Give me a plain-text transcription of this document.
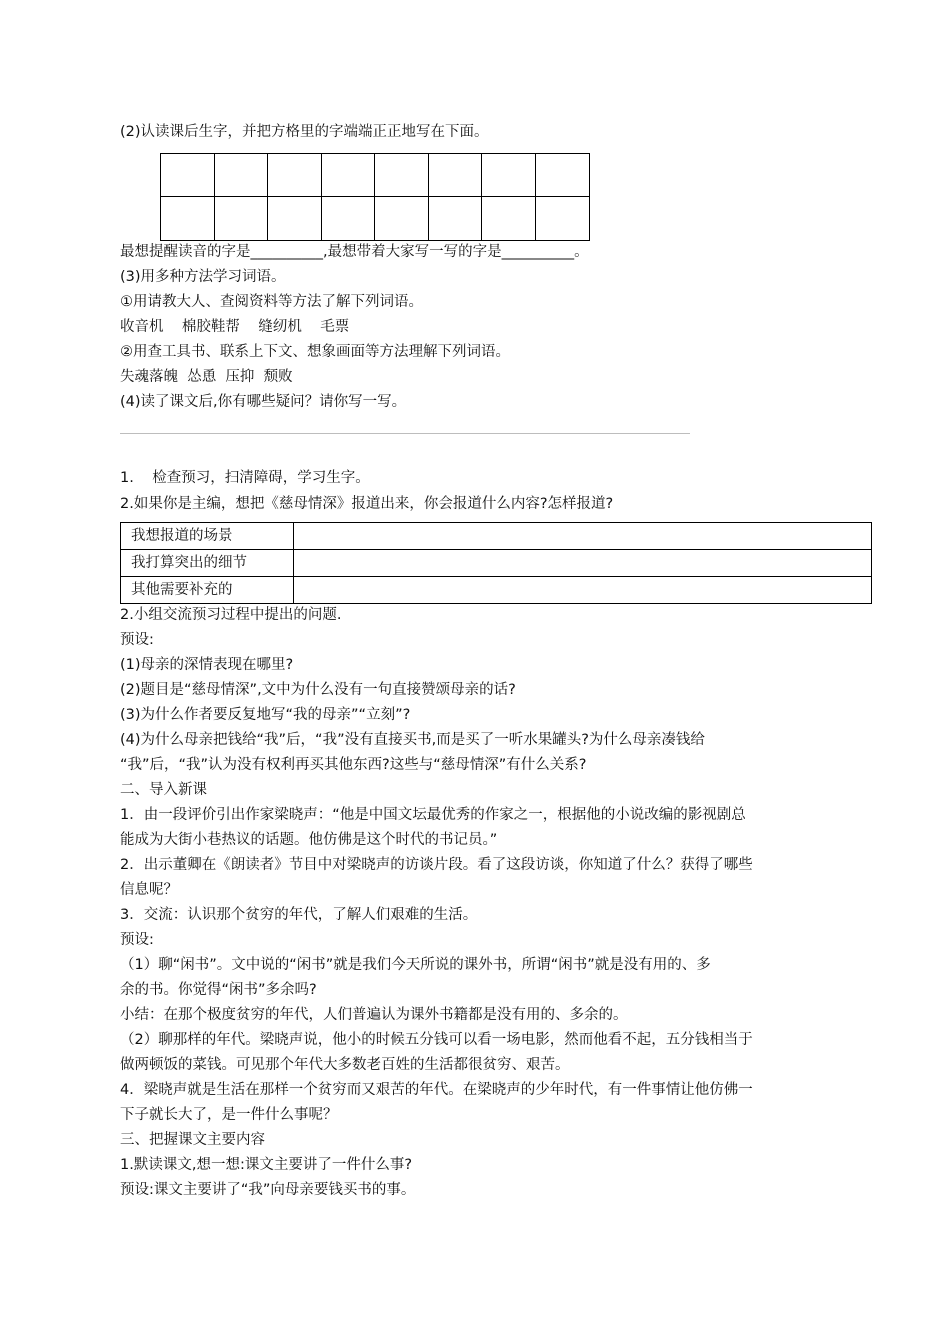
(2)认读课后生字，并把方格里的字端端正正地写在下面。
最想提醒读音的字是__________,最想带着大家写一写的字是__________。
(3)用多种方法学习词语。
①用请教大人、查阅资料等方法了解下列词语。
收音机    棉胶鞋帮    缝纫机    毛票
②用查工具书、联系上下文、想象画面等方法理解下列词语。
失魂落魄  怂恿  压抑  颓败
(4)读了课文后,你有哪些疑问？请你写一写。
1.    检查预习，扫清障碍，学习生字。
2.如果你是主编，想把《慈母情深》报道出来，你会报道什么内容?怎样报道?
我想报道的场景	
我打算突出的细节	
其他需要补充的	
2.小组交流预习过程中提出的问题.
预设:
(1)母亲的深情表现在哪里?
(2)题目是“慈母情深”,文中为什么没有一句直接赞颂母亲的话?
(3)为什么作者要反复地写“我的母亲”“立刻”?
(4)为什么母亲把钱给“我”后，“我”没有直接买书,而是买了一听水果罐头?为什么母亲凑钱给
“我”后，“我”认为没有权利再买其他东西?这些与“慈母情深”有什么关系?
二、导入新课
1．由一段评价引出作家梁晓声：“他是中国文坛最优秀的作家之一，根据他的小说改编的影视剧总
能成为大街小巷热议的话题。他仿佛是这个时代的书记员。”
2．出示董卿在《朗读者》节目中对梁晓声的访谈片段。看了这段访谈，你知道了什么？获得了哪些
信息呢？
3．交流：认识那个贫穷的年代，了解人们艰难的生活。
预设:
（1）聊“闲书”。文中说的“闲书”就是我们今天所说的课外书，所谓“闲书”就是没有用的、多
余的书。你觉得“闲书”多余吗?
小结：在那个极度贫穷的年代，人们普遍认为课外书籍都是没有用的、多余的。
（2）聊那样的年代。梁晓声说，他小的时候五分钱可以看一场电影，然而他看不起，五分钱相当于
做两顿饭的菜钱。可见那个年代大多数老百姓的生活都很贫穷、艰苦。
4．梁晓声就是生活在那样一个贫穷而又艰苦的年代。在梁晓声的少年时代，有一件事情让他仿佛一
下子就长大了，是一件什么事呢？
三、把握课文主要内容
1.默读课文,想一想:课文主要讲了一件什么事?
预设:课文主要讲了“我”向母亲要钱买书的事。
